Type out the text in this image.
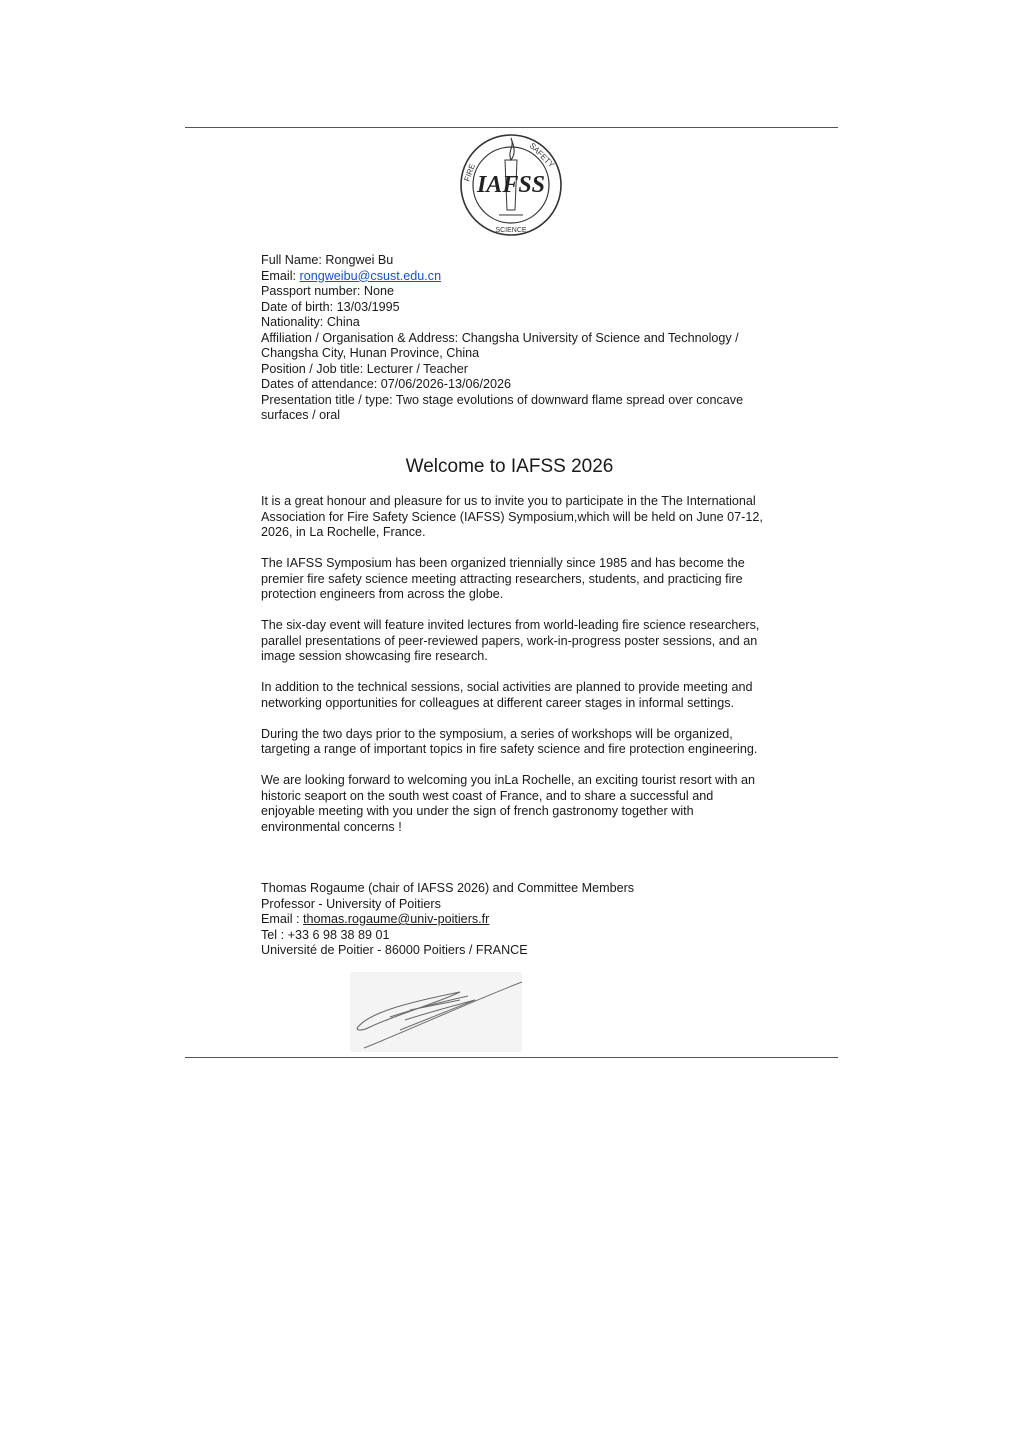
IAFSS
FIRE
SAFETY
SCIENCE

Full Name: Rongwei Bu

Email: rongweibu@csust.edu.cn

Passport number: None

Date of birth: 13/03/1995

Nationality: China

Affiliation / Organisation & Address: Changsha University of Science and Technology / Changsha City, Hunan Province, China

Position / Job title: Lecturer / Teacher

Dates of attendance: 07/06/2026-13/06/2026

Presentation title / type: Two stage evolutions of downward flame spread over concave surfaces / oral

Welcome to IAFSS 2026

It is a great honour and pleasure for us to invite you to participate in the The International Association for Fire Safety Science (IAFSS) Symposium,which will be held on June 07-12, 2026, in La Rochelle, France.

The IAFSS Symposium has been organized triennially since 1985 and has become the premier fire safety science meeting attracting researchers, students, and practicing fire protection engineers from across the globe.

The six-day event will feature invited lectures from world-leading fire science researchers, parallel presentations of peer-reviewed papers, work-in-progress poster sessions, and an image session showcasing fire research.

In addition to the technical sessions, social activities are planned to provide meeting and networking opportunities for colleagues at different career stages in informal settings.

During the two days prior to the symposium, a series of workshops will be organized, targeting a range of important topics in fire safety science and fire protection engineering.

We are looking forward to welcoming you inLa Rochelle, an exciting tourist resort with an historic seaport on the south west coast of France, and to share a successful and enjoyable meeting with you under the sign of french gastronomy together with environmental concerns !

Thomas Rogaume (chair of IAFSS 2026) and Committee Members

Professor - University of Poitiers

Email : thomas.rogaume@univ-poitiers.fr

Tel : +33 6 98 38 89 01

Université de Poitier - 86000 Poitiers / FRANCE
